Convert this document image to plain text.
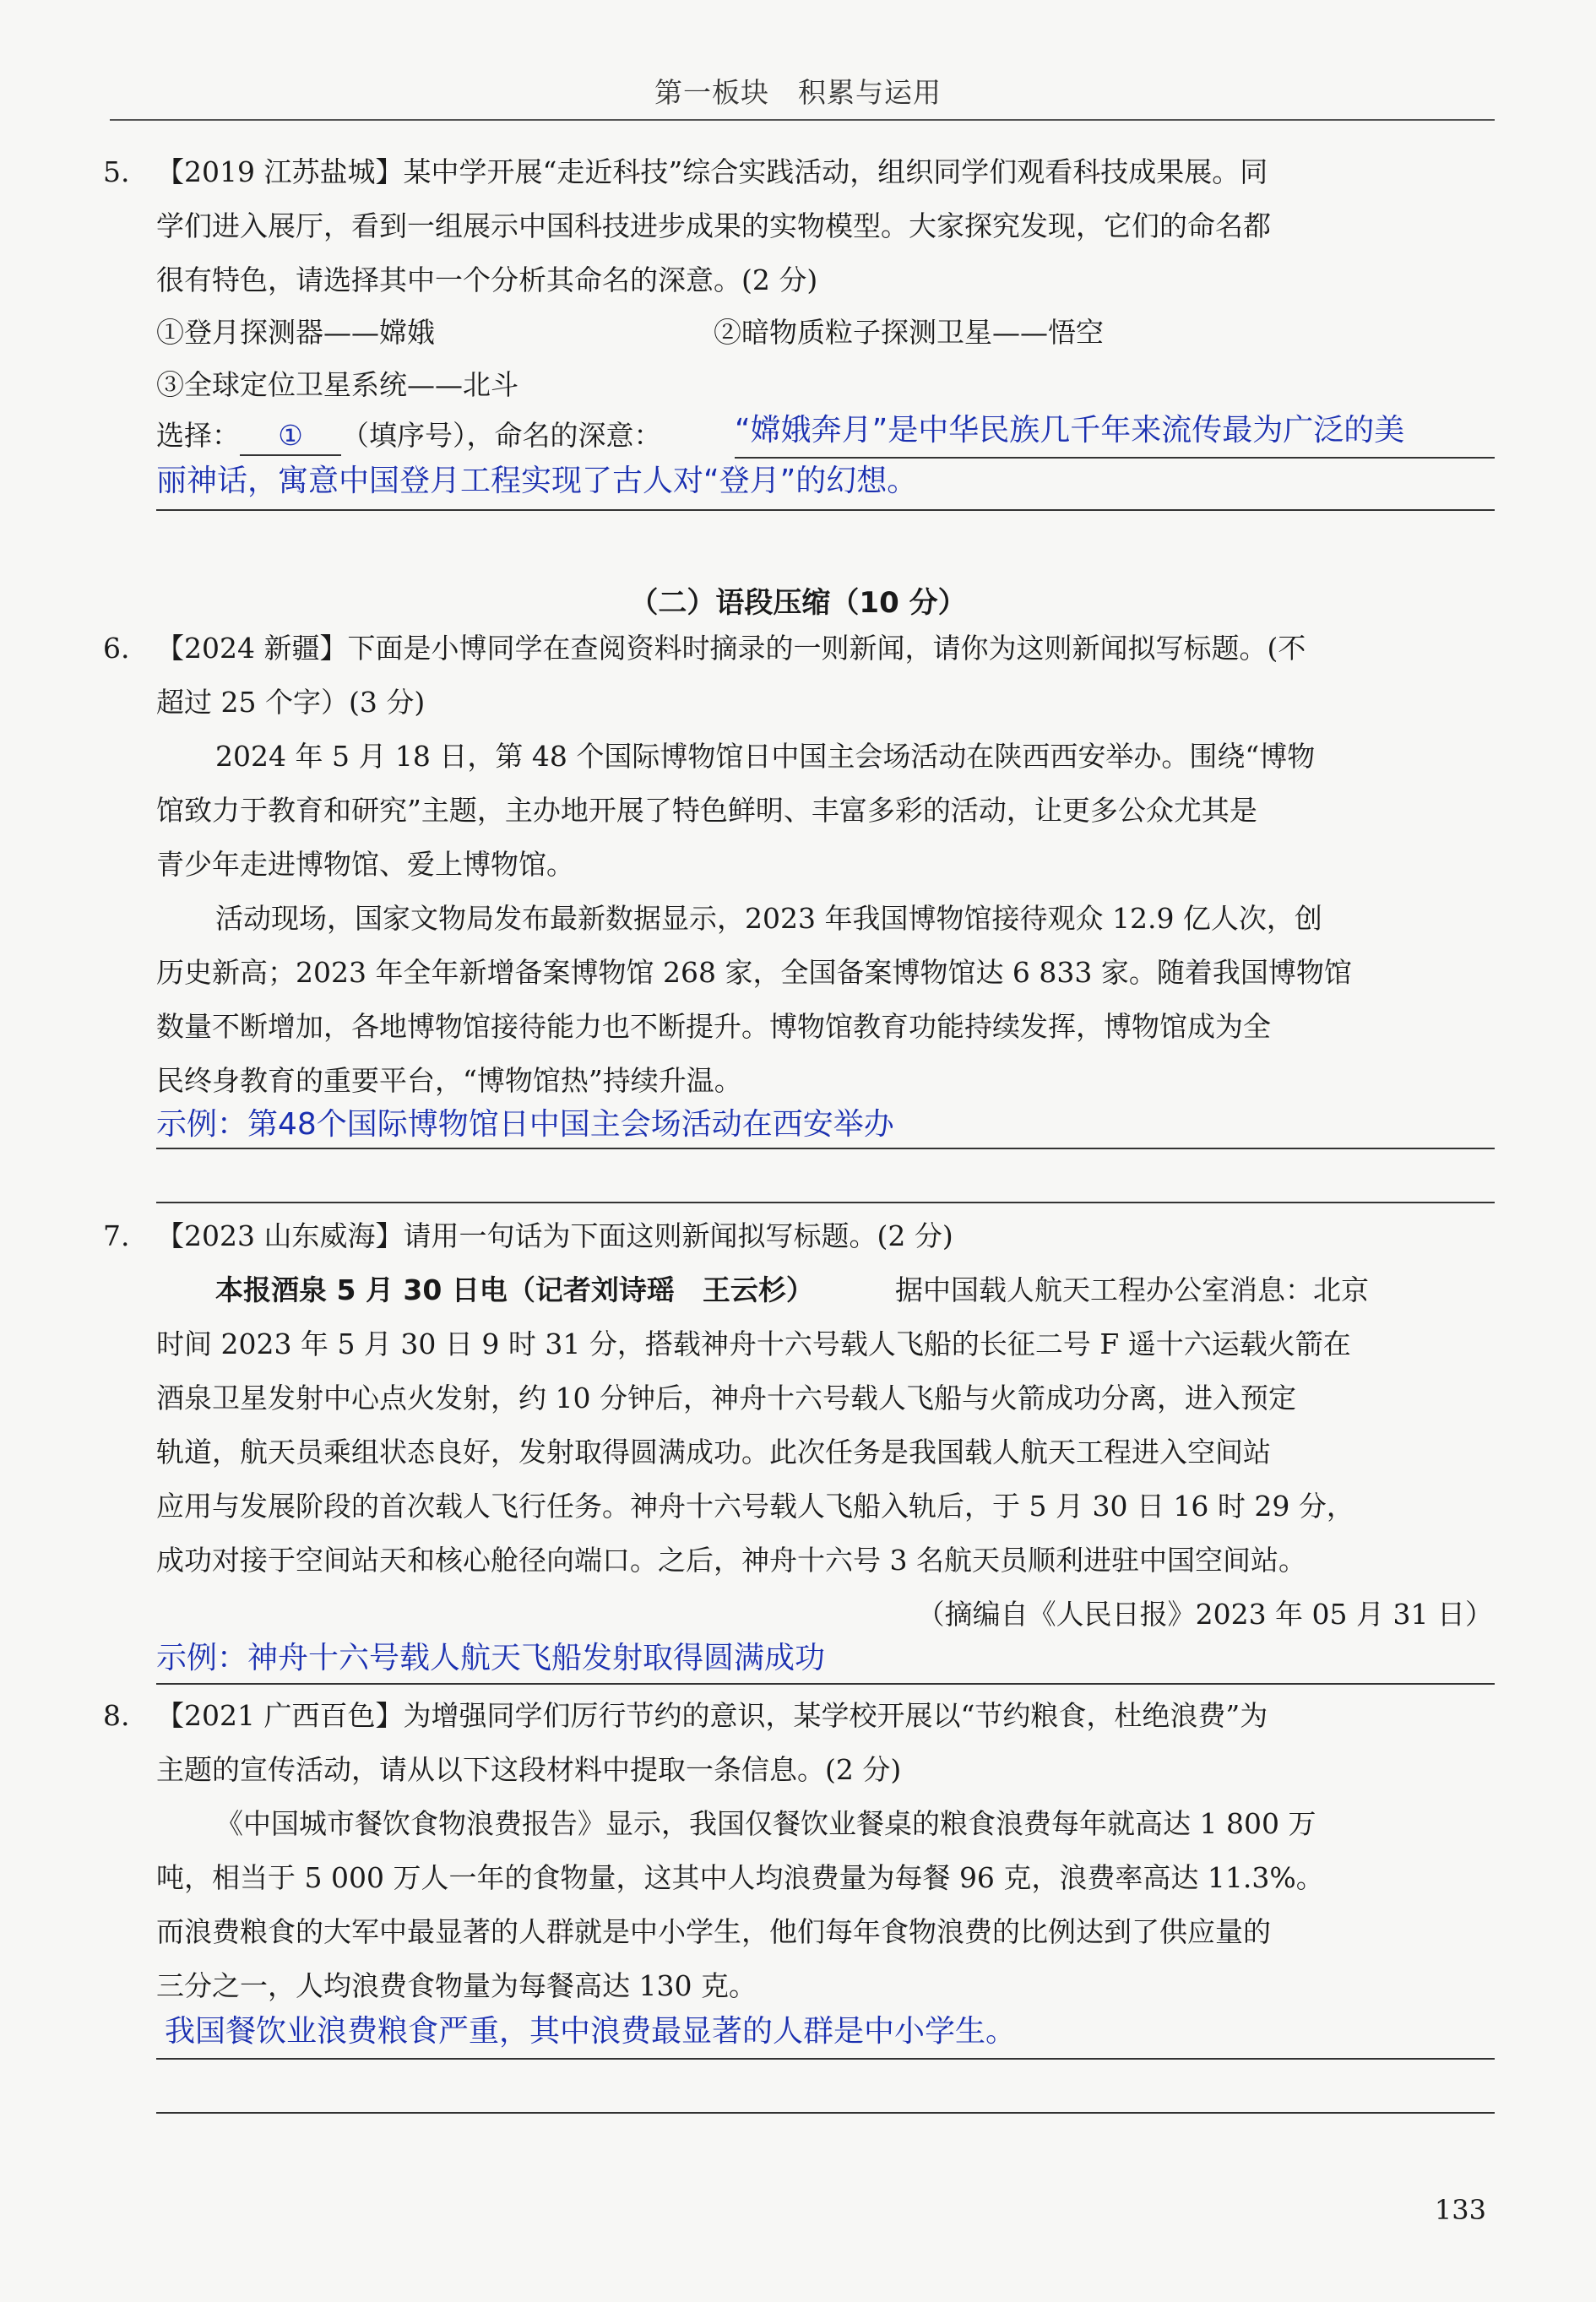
第一板块　积累与运用
5. 【2019 江苏盐城】某中学开展“走近科技”综合实践活动，组织同学们观看科技成果展。同
学们进入展厅，看到一组展示中国科技进步成果的实物模型。大家探究发现，它们的命名都
很有特色，请选择其中一个分析其命名的深意。(2 分)
①登月探测器——嫦娥	②暗物质粒子探测卫星——悟空
③全球定位卫星系统——北斗
选择： ① （填序号），命名的深意： “嫦娥奔月”是中华民族几千年来流传最为广泛的美
丽神话，寓意中国登月工程实现了古人对“登月”的幻想。
（二）语段压缩（10 分）
6. 【2024 新疆】下面是小博同学在查阅资料时摘录的一则新闻，请你为这则新闻拟写标题。(不
超过 25 个字）(3 分)
2024 年 5 月 18 日，第 48 个国际博物馆日中国主会场活动在陕西西安举办。围绕“博物
馆致力于教育和研究”主题，主办地开展了特色鲜明、丰富多彩的活动，让更多公众尤其是
青少年走进博物馆、爱上博物馆。
活动现场，国家文物局发布最新数据显示，2023 年我国博物馆接待观众 12.9 亿人次，创
历史新高；2023 年全年新增备案博物馆 268 家，全国备案博物馆达 6 833 家。随着我国博物馆
数量不断增加，各地博物馆接待能力也不断提升。博物馆教育功能持续发挥，博物馆成为全
民终身教育的重要平台，“博物馆热”持续升温。
示例：第48个国际博物馆日中国主会场活动在西安举办
7. 【2023 山东威海】请用一句话为下面这则新闻拟写标题。(2 分)
本报酒泉 5 月 30 日电（记者刘诗瑶　王云杉）	据中国载人航天工程办公室消息：北京
时间 2023 年 5 月 30 日 9 时 31 分，搭载神舟十六号载人飞船的长征二号 F 遥十六运载火箭在
酒泉卫星发射中心点火发射，约 10 分钟后，神舟十六号载人飞船与火箭成功分离，进入预定
轨道，航天员乘组状态良好，发射取得圆满成功。此次任务是我国载人航天工程进入空间站
应用与发展阶段的首次载人飞行任务。神舟十六号载人飞船入轨后，于 5 月 30 日 16 时 29 分，
成功对接于空间站天和核心舱径向端口。之后，神舟十六号 3 名航天员顺利进驻中国空间站。
（摘编自《人民日报》2023 年 05 月 31 日）
示例：神舟十六号载人航天飞船发射取得圆满成功
8. 【2021 广西百色】为增强同学们厉行节约的意识，某学校开展以“节约粮食，杜绝浪费”为
主题的宣传活动，请从以下这段材料中提取一条信息。(2 分)
《中国城市餐饮食物浪费报告》显示，我国仅餐饮业餐桌的粮食浪费每年就高达 1 800 万
吨，相当于 5 000 万人一年的食物量，这其中人均浪费量为每餐 96 克，浪费率高达 11.3%。
而浪费粮食的大军中最显著的人群就是中小学生，他们每年食物浪费的比例达到了供应量的
三分之一，人均浪费食物量为每餐高达 130 克。
我国餐饮业浪费粮食严重，其中浪费最显著的人群是中小学生。
133
